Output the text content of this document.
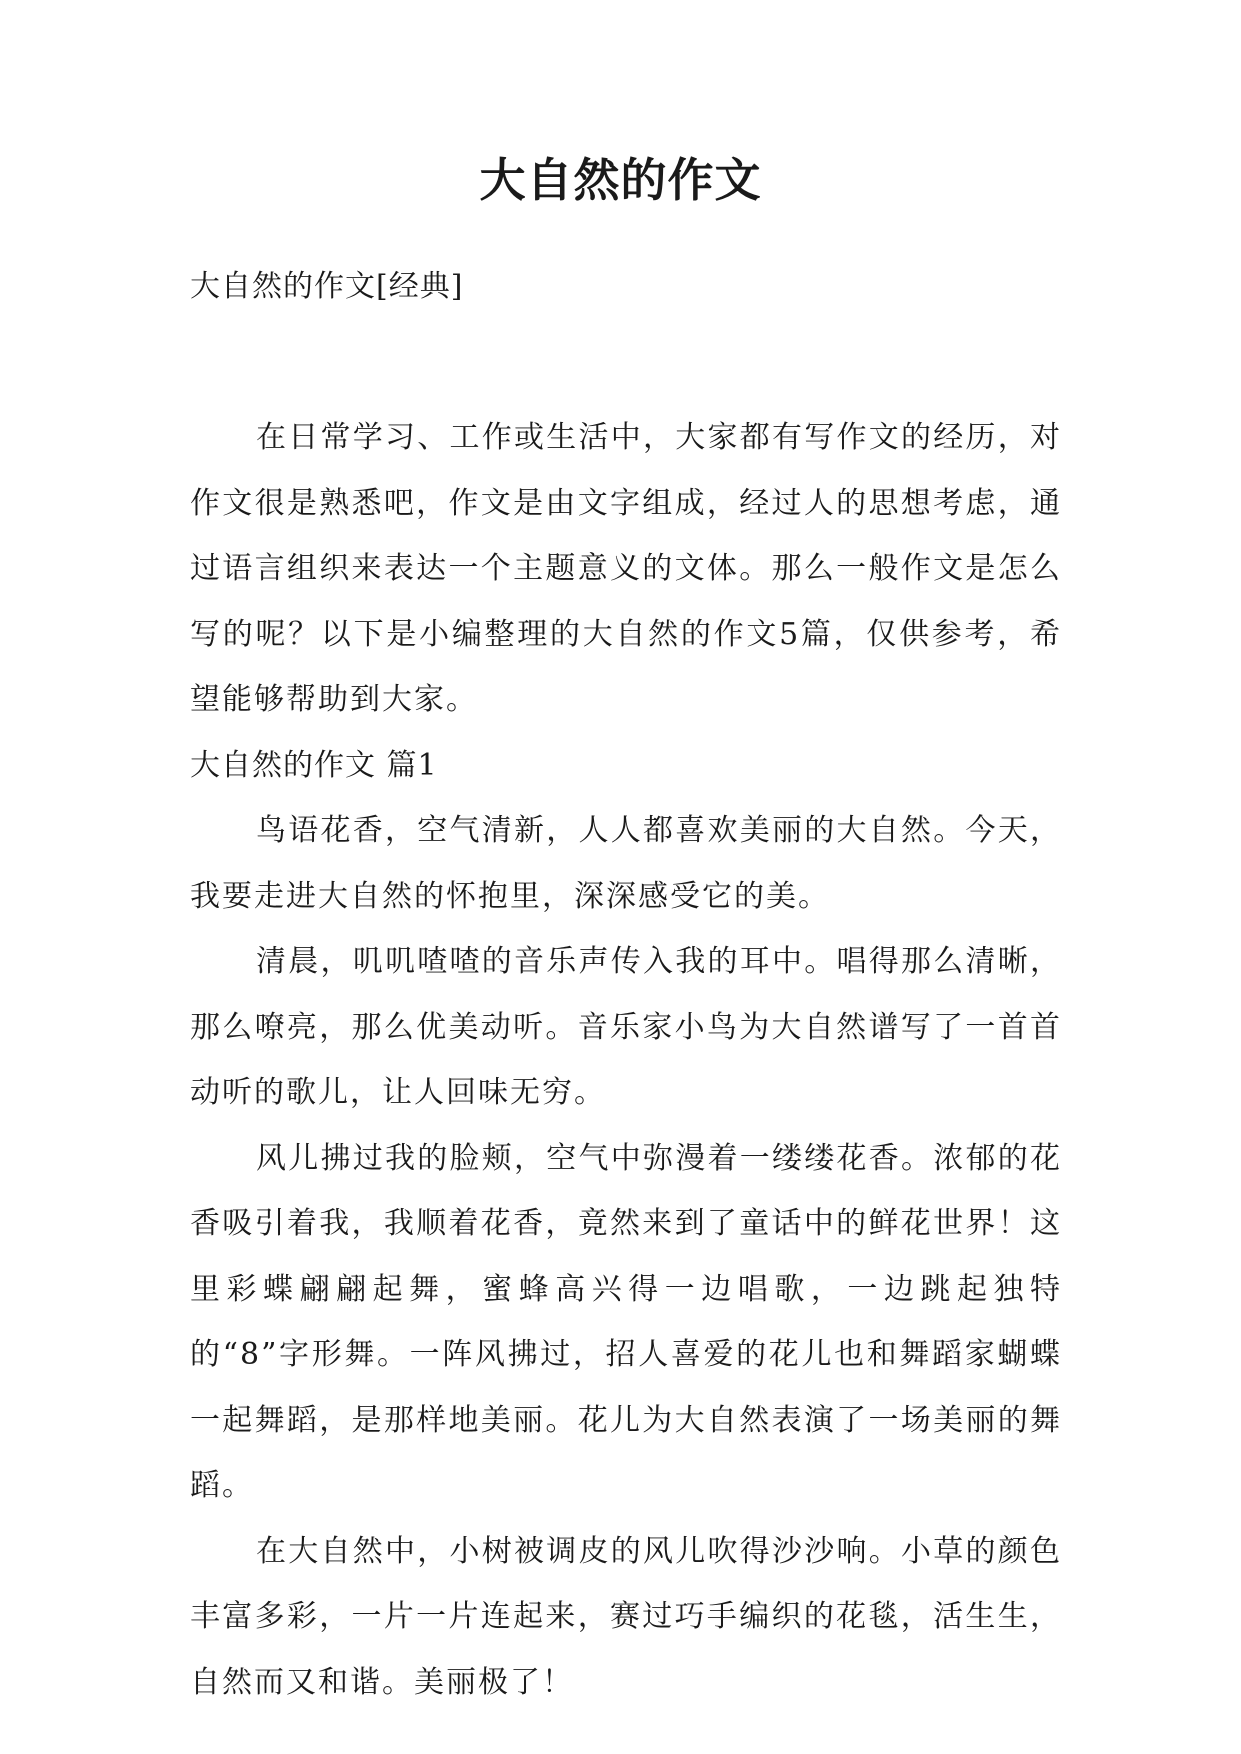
大自然的作文

大自然的作文[经典]

在日常学习、工作或生活中，大家都有写作文的经历，对作文很是熟悉吧，作文是由文字组成，经过人的思想考虑，通过语言组织来表达一个主题意义的文体。那么一般作文是怎么写的呢？以下是小编整理的大自然的作文5篇，仅供参考，希望能够帮助到大家。

大自然的作文 篇1

鸟语花香，空气清新，人人都喜欢美丽的大自然。今天，我要走进大自然的怀抱里，深深感受它的美。

清晨，叽叽喳喳的音乐声传入我的耳中。唱得那么清晰，那么嘹亮，那么优美动听。音乐家小鸟为大自然谱写了一首首动听的歌儿，让人回味无穷。

风儿拂过我的脸颊，空气中弥漫着一缕缕花香。浓郁的花香吸引着我，我顺着花香，竟然来到了童话中的鲜花世界！这里彩蝶翩翩起舞，蜜蜂高兴得一边唱歌，一边跳起独特的“8”字形舞。一阵风拂过，招人喜爱的花儿也和舞蹈家蝴蝶一起舞蹈，是那样地美丽。花儿为大自然表演了一场美丽的舞蹈。

在大自然中，小树被调皮的风儿吹得沙沙响。小草的颜色丰富多彩，一片一片连起来，赛过巧手编织的花毯，活生生，自然而又和谐。美丽极了！
